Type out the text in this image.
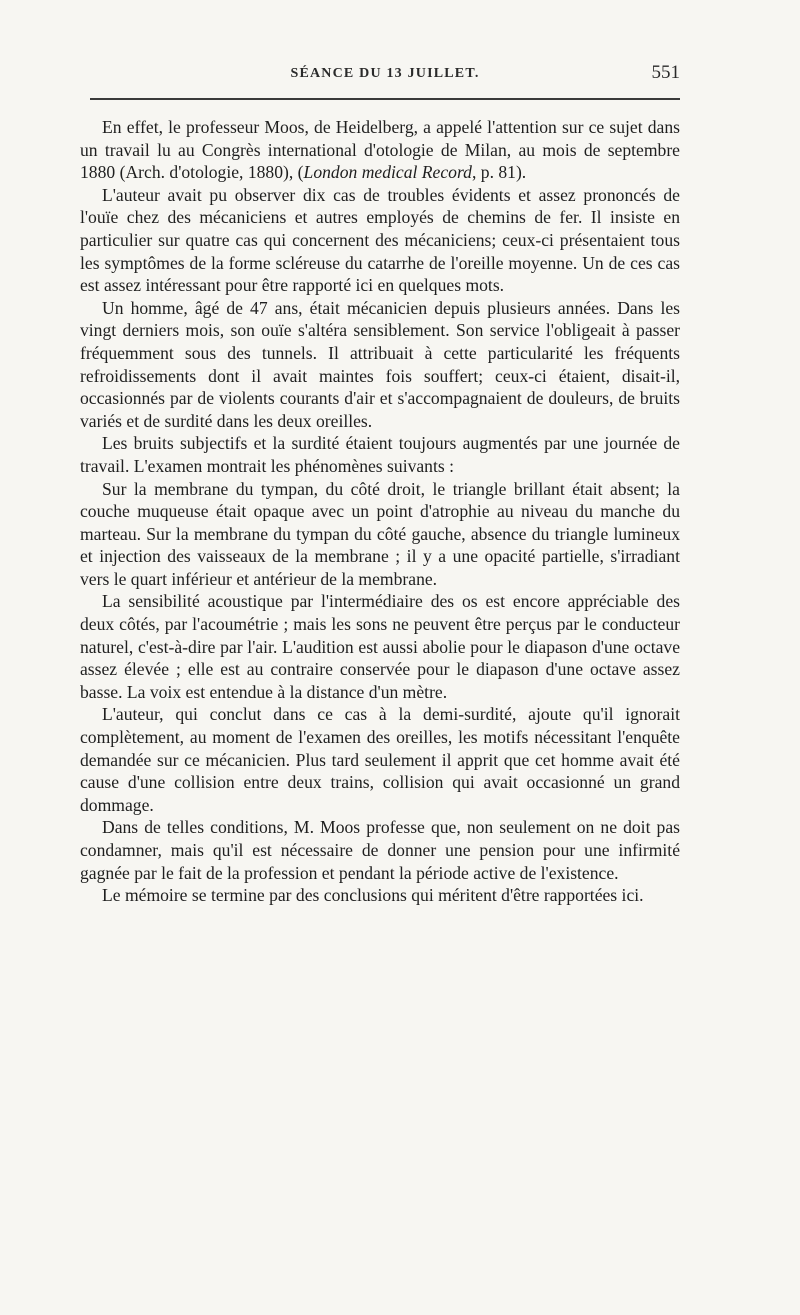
SÉANCE DU 13 JUILLET.	551

En effet, le professeur Moos, de Heidelberg, a appelé l'attention sur ce sujet dans un travail lu au Congrès international d'otologie de Milan, au mois de septembre 1880 (Arch. d'otologie, 1880), (London medical Record, p. 81).

L'auteur avait pu observer dix cas de troubles évidents et assez prononcés de l'ouïe chez des mécaniciens et autres employés de chemins de fer. Il insiste en particulier sur quatre cas qui concernent des mécaniciens; ceux-ci présentaient tous les symptômes de la forme scléreuse du catarrhe de l'oreille moyenne. Un de ces cas est assez intéressant pour être rapporté ici en quelques mots.

Un homme, âgé de 47 ans, était mécanicien depuis plusieurs années. Dans les vingt derniers mois, son ouïe s'altéra sensiblement. Son service l'obligeait à passer fréquemment sous des tunnels. Il attribuait à cette particularité les fréquents refroidissements dont il avait maintes fois souffert; ceux-ci étaient, disait-il, occasionnés par de violents courants d'air et s'accompagnaient de douleurs, de bruits variés et de surdité dans les deux oreilles.

Les bruits subjectifs et la surdité étaient toujours augmentés par une journée de travail. L'examen montrait les phénomènes suivants :

Sur la membrane du tympan, du côté droit, le triangle brillant était absent; la couche muqueuse était opaque avec un point d'atrophie au niveau du manche du marteau. Sur la membrane du tympan du côté gauche, absence du triangle lumineux et injection des vaisseaux de la membrane ; il y a une opacité partielle, s'irradiant vers le quart inférieur et antérieur de la membrane.

La sensibilité acoustique par l'intermédiaire des os est encore appréciable des deux côtés, par l'acoumétrie ; mais les sons ne peuvent être perçus par le conducteur naturel, c'est-à-dire par l'air. L'audition est aussi abolie pour le diapason d'une octave assez élevée ; elle est au contraire conservée pour le diapason d'une octave assez basse. La voix est entendue à la distance d'un mètre.

L'auteur, qui conclut dans ce cas à la demi-surdité, ajoute qu'il ignorait complètement, au moment de l'examen des oreilles, les motifs nécessitant l'enquête demandée sur ce mécanicien. Plus tard seulement il apprit que cet homme avait été cause d'une collision entre deux trains, collision qui avait occasionné un grand dommage.

Dans de telles conditions, M. Moos professe que, non seulement on ne doit pas condamner, mais qu'il est nécessaire de donner une pension pour une infirmité gagnée par le fait de la profession et pendant la période active de l'existence.

Le mémoire se termine par des conclusions qui méritent d'être rapportées ici.
